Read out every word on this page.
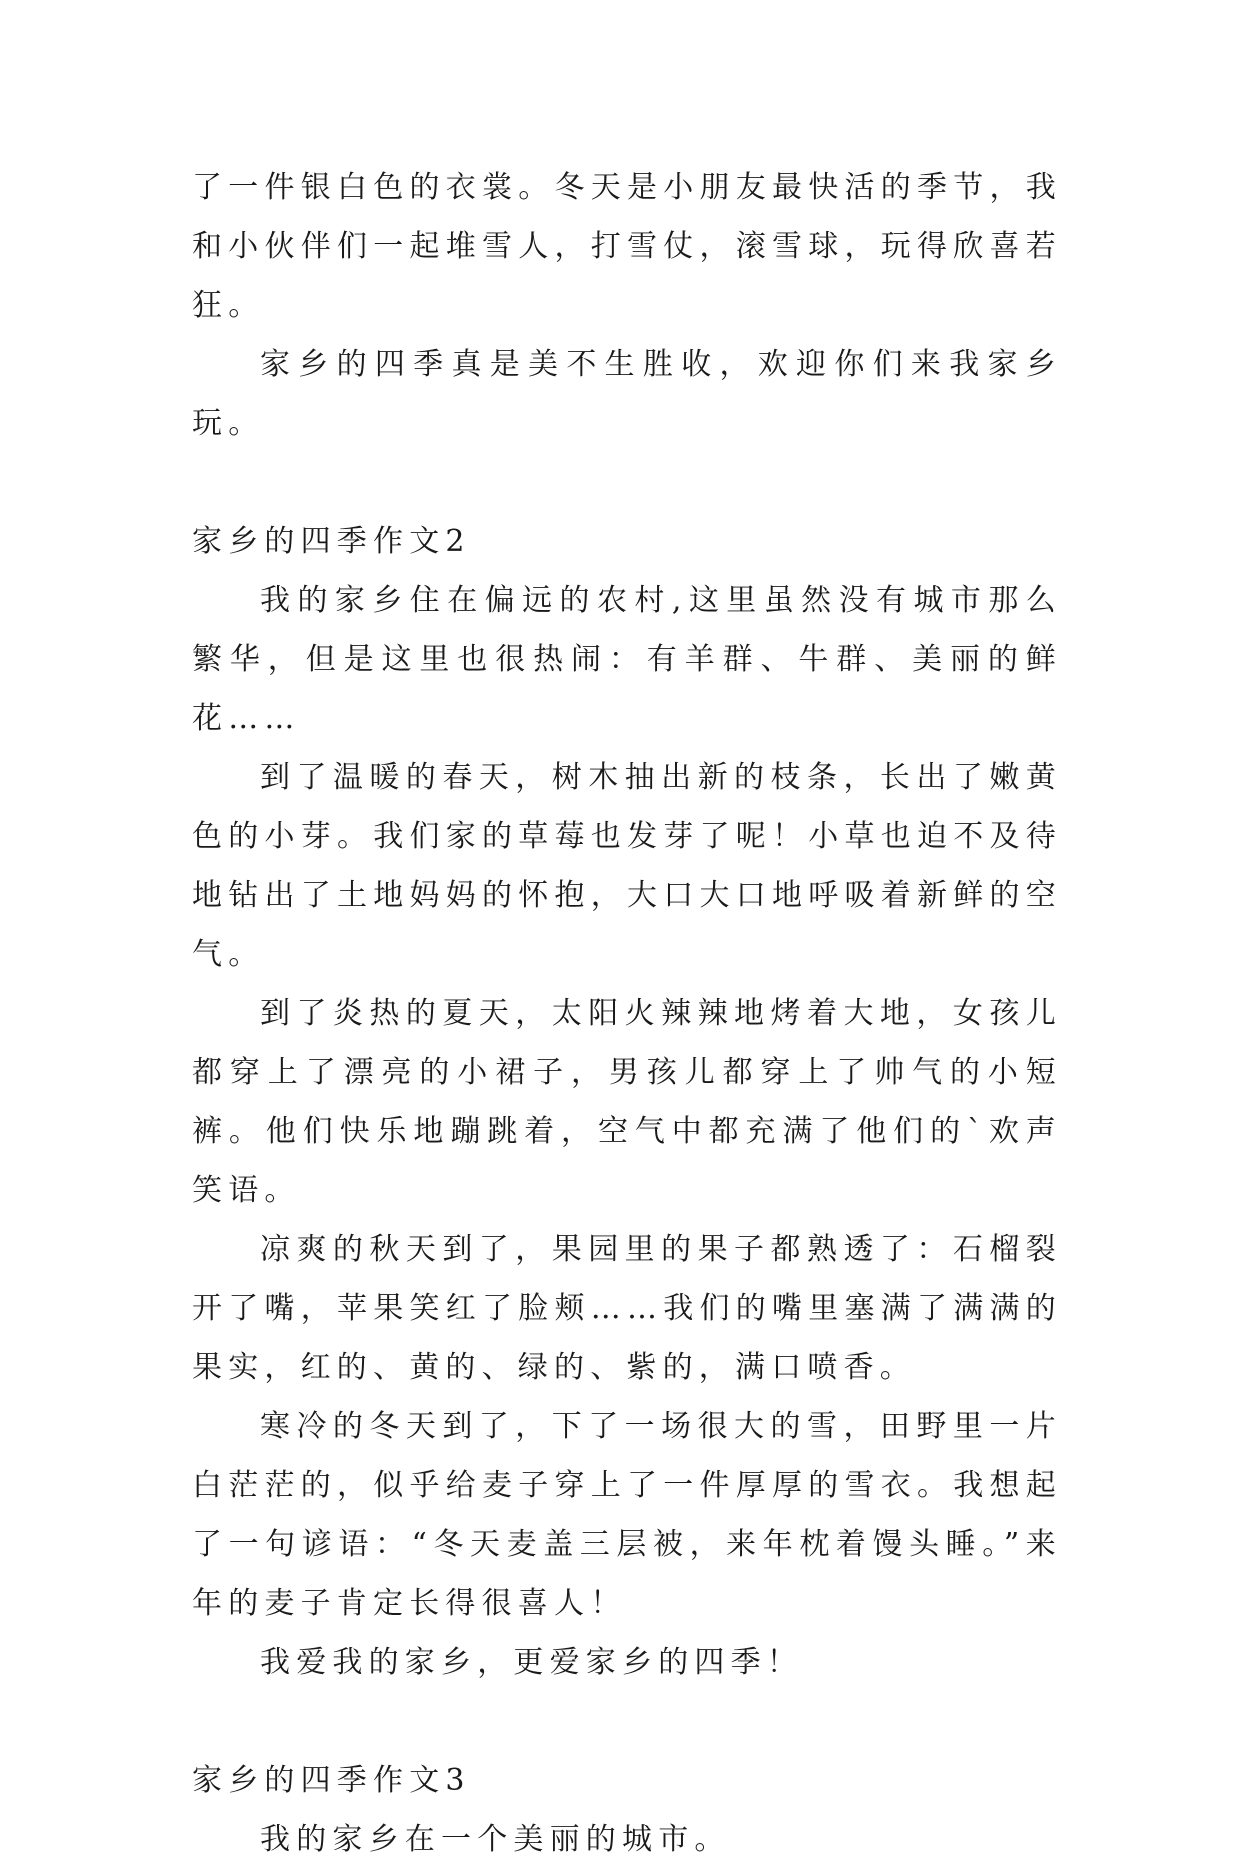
了一件银白色的衣裳。冬天是小朋友最快活的季节，我和小伙伴们一起堆雪人，打雪仗，滚雪球，玩得欣喜若狂。

家乡的四季真是美不生胜收，欢迎你们来我家乡玩。

家乡的四季作文2

我的家乡住在偏远的农村,这里虽然没有城市那么繁华，但是这里也很热闹：有羊群、牛群、美丽的鲜花……

到了温暖的春天，树木抽出新的枝条，长出了嫩黄色的小芽。我们家的草莓也发芽了呢！小草也迫不及待地钻出了土地妈妈的怀抱，大口大口地呼吸着新鲜的空气。

到了炎热的夏天，太阳火辣辣地烤着大地，女孩儿都穿上了漂亮的小裙子，男孩儿都穿上了帅气的小短裤。他们快乐地蹦跳着，空气中都充满了他们的`欢声笑语。

凉爽的秋天到了，果园里的果子都熟透了：石榴裂开了嘴，苹果笑红了脸颊……我们的嘴里塞满了满满的果实，红的、黄的、绿的、紫的，满口喷香。

寒冷的冬天到了，下了一场很大的雪，田野里一片白茫茫的，似乎给麦子穿上了一件厚厚的雪衣。我想起了一句谚语：“冬天麦盖三层被，来年枕着馒头睡。”来年的麦子肯定长得很喜人！

我爱我的家乡，更爱家乡的四季！

家乡的四季作文3

我的家乡在一个美丽的城市。
